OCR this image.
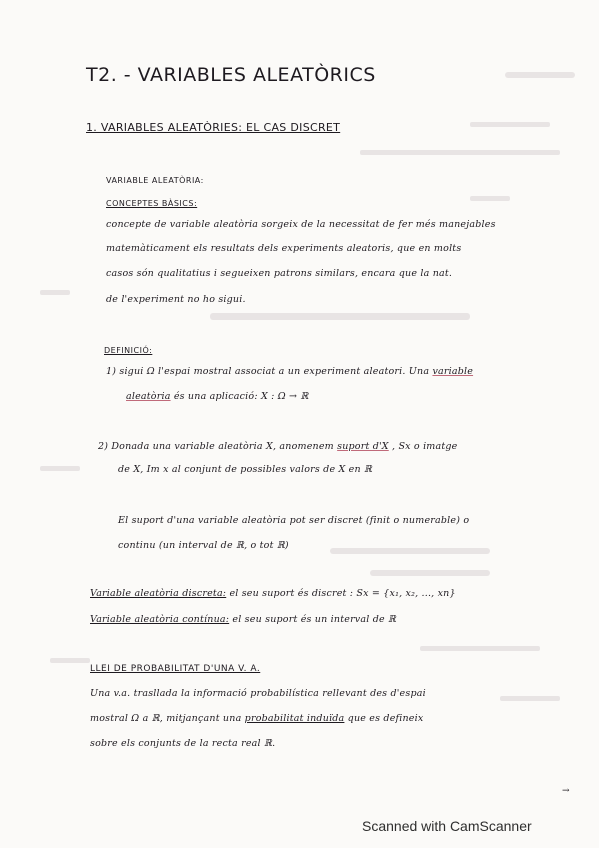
T2. - VARIABLES ALEATÒRICS
1. VARIABLES ALEATÒRIES: EL CAS DISCRET
VARIABLE ALEATÒRIA:
CONCEPTES BÀSICS:
concepte de variable aleatòria sorgeix de la necessitat de fer més manejables
matemàticament els resultats dels experiments aleatoris, que en molts
casos són qualitatius i segueixen patrons similars, encara que la nat.
de l'experiment no ho sigui.
DEFINICIÓ:
1) sigui Ω l'espai mostral associat a un experiment aleatori. Una variable
aleatòria és una aplicació: X : Ω → ℝ
2) Donada una variable aleatòria X, anomenem suport d'X , Sx o imatge
de X, Im x al conjunt de possibles valors de X en ℝ
El suport d'una variable aleatòria pot ser discret (finit o numerable) o
continu (un interval de ℝ, o tot ℝ)
Variable aleatòria discreta: el seu suport és discret : Sx = {x₁, x₂, ..., xn}
Variable aleatòria contínua: el seu suport és un interval de ℝ
LLEI DE PROBABILITAT D'UNA V. A.
Una v.a. trasllada la informació probabilística rellevant des d'espai
mostral Ω a ℝ, mitjançant una probabilitat induïda que es defineix
sobre els conjunts de la recta real ℝ.
→
Scanned with CamScanner
